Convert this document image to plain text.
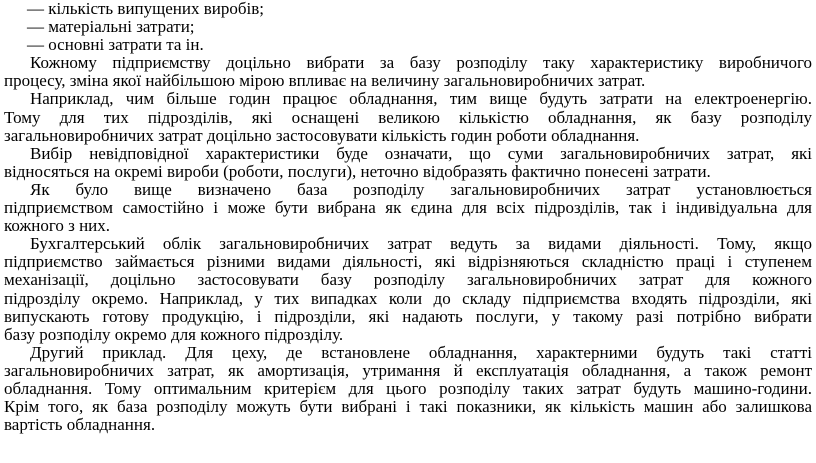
— кількість випущених виробів;
— матеріальні затрати;
— основні затрати та ін.
Кожному підприємству доцільно вибрати за базу розподілу таку характеристику виробничого
процесу, зміна якої найбільшою мірою впливає на величину загальновиробничих затрат.
Наприклад, чим більше годин працює обладнання, тим вище будуть затрати на електроенергію.
Тому для тих підрозділів, які оснащені великою кількістю обладнання, як базу розподілу
загальновиробничих затрат доцільно застосовувати кількість годин роботи обладнання.
Вибір невідповідної характеристики буде означати, що суми загальновиробничих затрат, які
відносяться на окремі вироби (роботи, послуги), неточно відобразять фактично понесені затрати.
Як було вище визначено база розподілу загальновиробничих затрат установлюється
підприємством самостійно і може бути вибрана як єдина для всіх підрозділів, так і індивідуальна для
кожного з них.
Бухгалтерський облік загальновиробничих затрат ведуть за видами діяльності. Тому, якщо
підприємство займається різними видами діяльності, які відрізняються складністю праці і ступенем
механізації, доцільно застосовувати базу розподілу загальновиробничих затрат для кожного
підрозділу окремо. Наприклад, у тих випадках коли до складу підприємства входять підрозділи, які
випускають готову продукцію, і підрозділи, які надають послуги, у такому разі потрібно вибрати
базу розподілу окремо для кожного підрозділу.
Другий приклад. Для цеху, де встановлене обладнання, характерними будуть такі статті
загальновиробничих затрат, як амортизація, утримання й експлуатація обладнання, а також ремонт
обладнання. Тому оптимальним критерієм для цього розподілу таких затрат будуть машино-години.
Крім того, як база розподілу можуть бути вибрані і такі показники, як кількість машин або залишкова
вартість обладнання.
